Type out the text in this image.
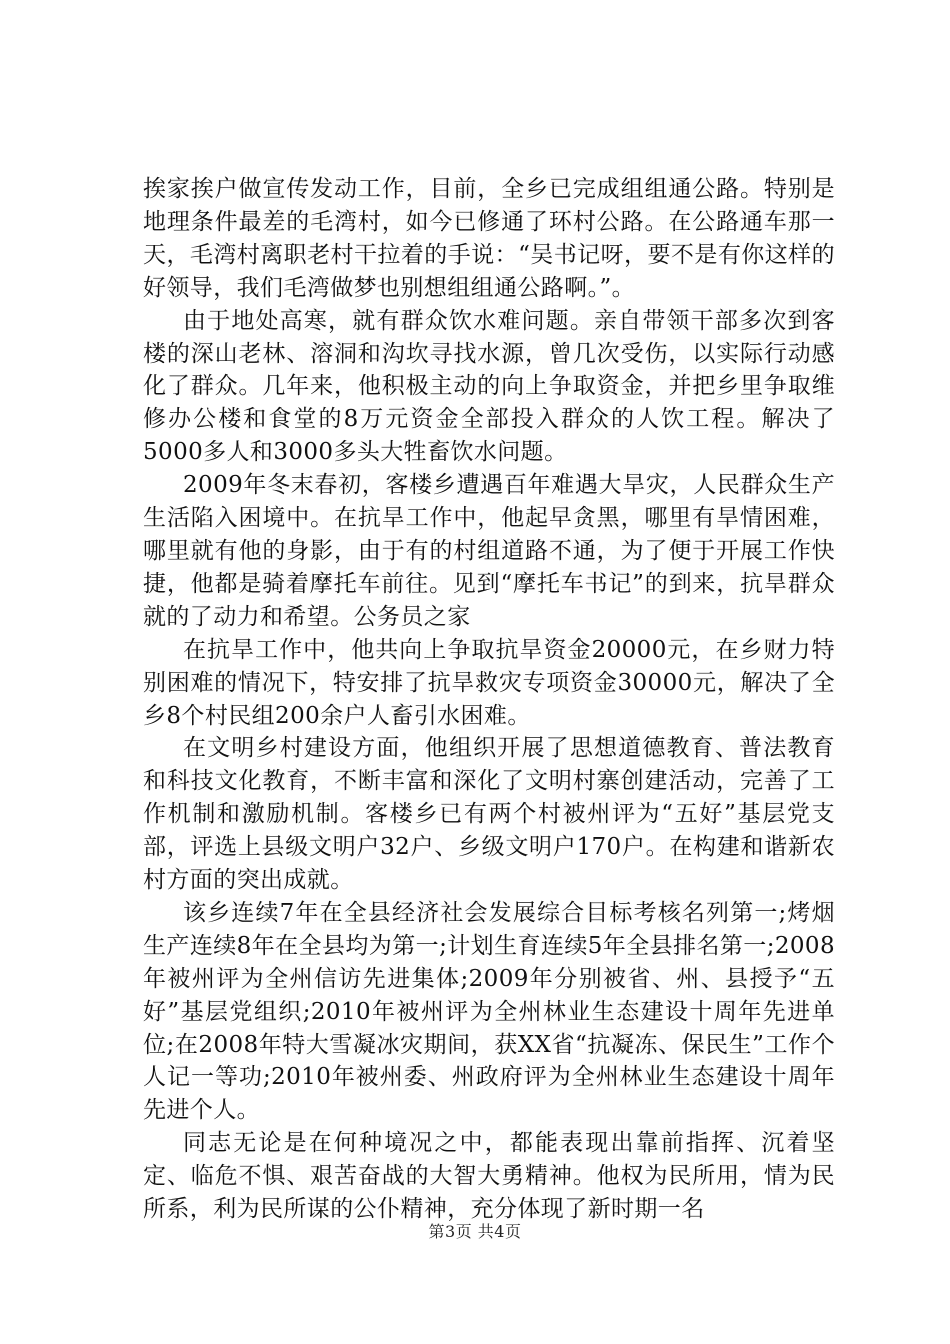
挨家挨户做宣传发动工作，目前，全乡已完成组组通公路。特别是地理条件最差的毛湾村，如今已修通了环村公路。在公路通车那一天，毛湾村离职老村干拉着的手说：“吴书记呀，要不是有你这样的好领导，我们毛湾做梦也别想组组通公路啊。”。

由于地处高寒，就有群众饮水难问题。亲自带领干部多次到客楼的深山老林、溶洞和沟坎寻找水源，曾几次受伤，以实际行动感化了群众。几年来，他积极主动的向上争取资金，并把乡里争取维修办公楼和食堂的8万元资金全部投入群众的人饮工程。解决了5000多人和3000多头大牲畜饮水问题。

2009年冬末春初，客楼乡遭遇百年难遇大旱灾，人民群众生产生活陷入困境中。在抗旱工作中，他起早贪黑，哪里有旱情困难，哪里就有他的身影，由于有的村组道路不通，为了便于开展工作快捷，他都是骑着摩托车前往。见到“摩托车书记”的到来，抗旱群众就的了动力和希望。公务员之家

在抗旱工作中，他共向上争取抗旱资金20000元，在乡财力特别困难的情况下，特安排了抗旱救灾专项资金30000元，解决了全乡8个村民组200余户人畜引水困难。

在文明乡村建设方面，他组织开展了思想道德教育、普法教育和科技文化教育，不断丰富和深化了文明村寨创建活动，完善了工作机制和激励机制。客楼乡已有两个村被州评为“五好”基层党支部，评选上县级文明户32户、乡级文明户170户。在构建和谐新农村方面的突出成就。

该乡连续7年在全县经济社会发展综合目标考核名列第一;烤烟生产连续8年在全县均为第一;计划生育连续5年全县排名第一;2008年被州评为全州信访先进集体;2009年分别被省、州、县授予“五好”基层党组织;2010年被州评为全州林业生态建设十周年先进单位;在2008年特大雪凝冰灾期间，获XX省“抗凝冻、保民生”工作个人记一等功;2010年被州委、州政府评为全州林业生态建设十周年先进个人。

同志无论是在何种境况之中，都能表现出靠前指挥、沉着坚定、临危不惧、艰苦奋战的大智大勇精神。他权为民所用，情为民所系，利为民所谋的公仆精神，充分体现了新时期一名

第3页 共4页
